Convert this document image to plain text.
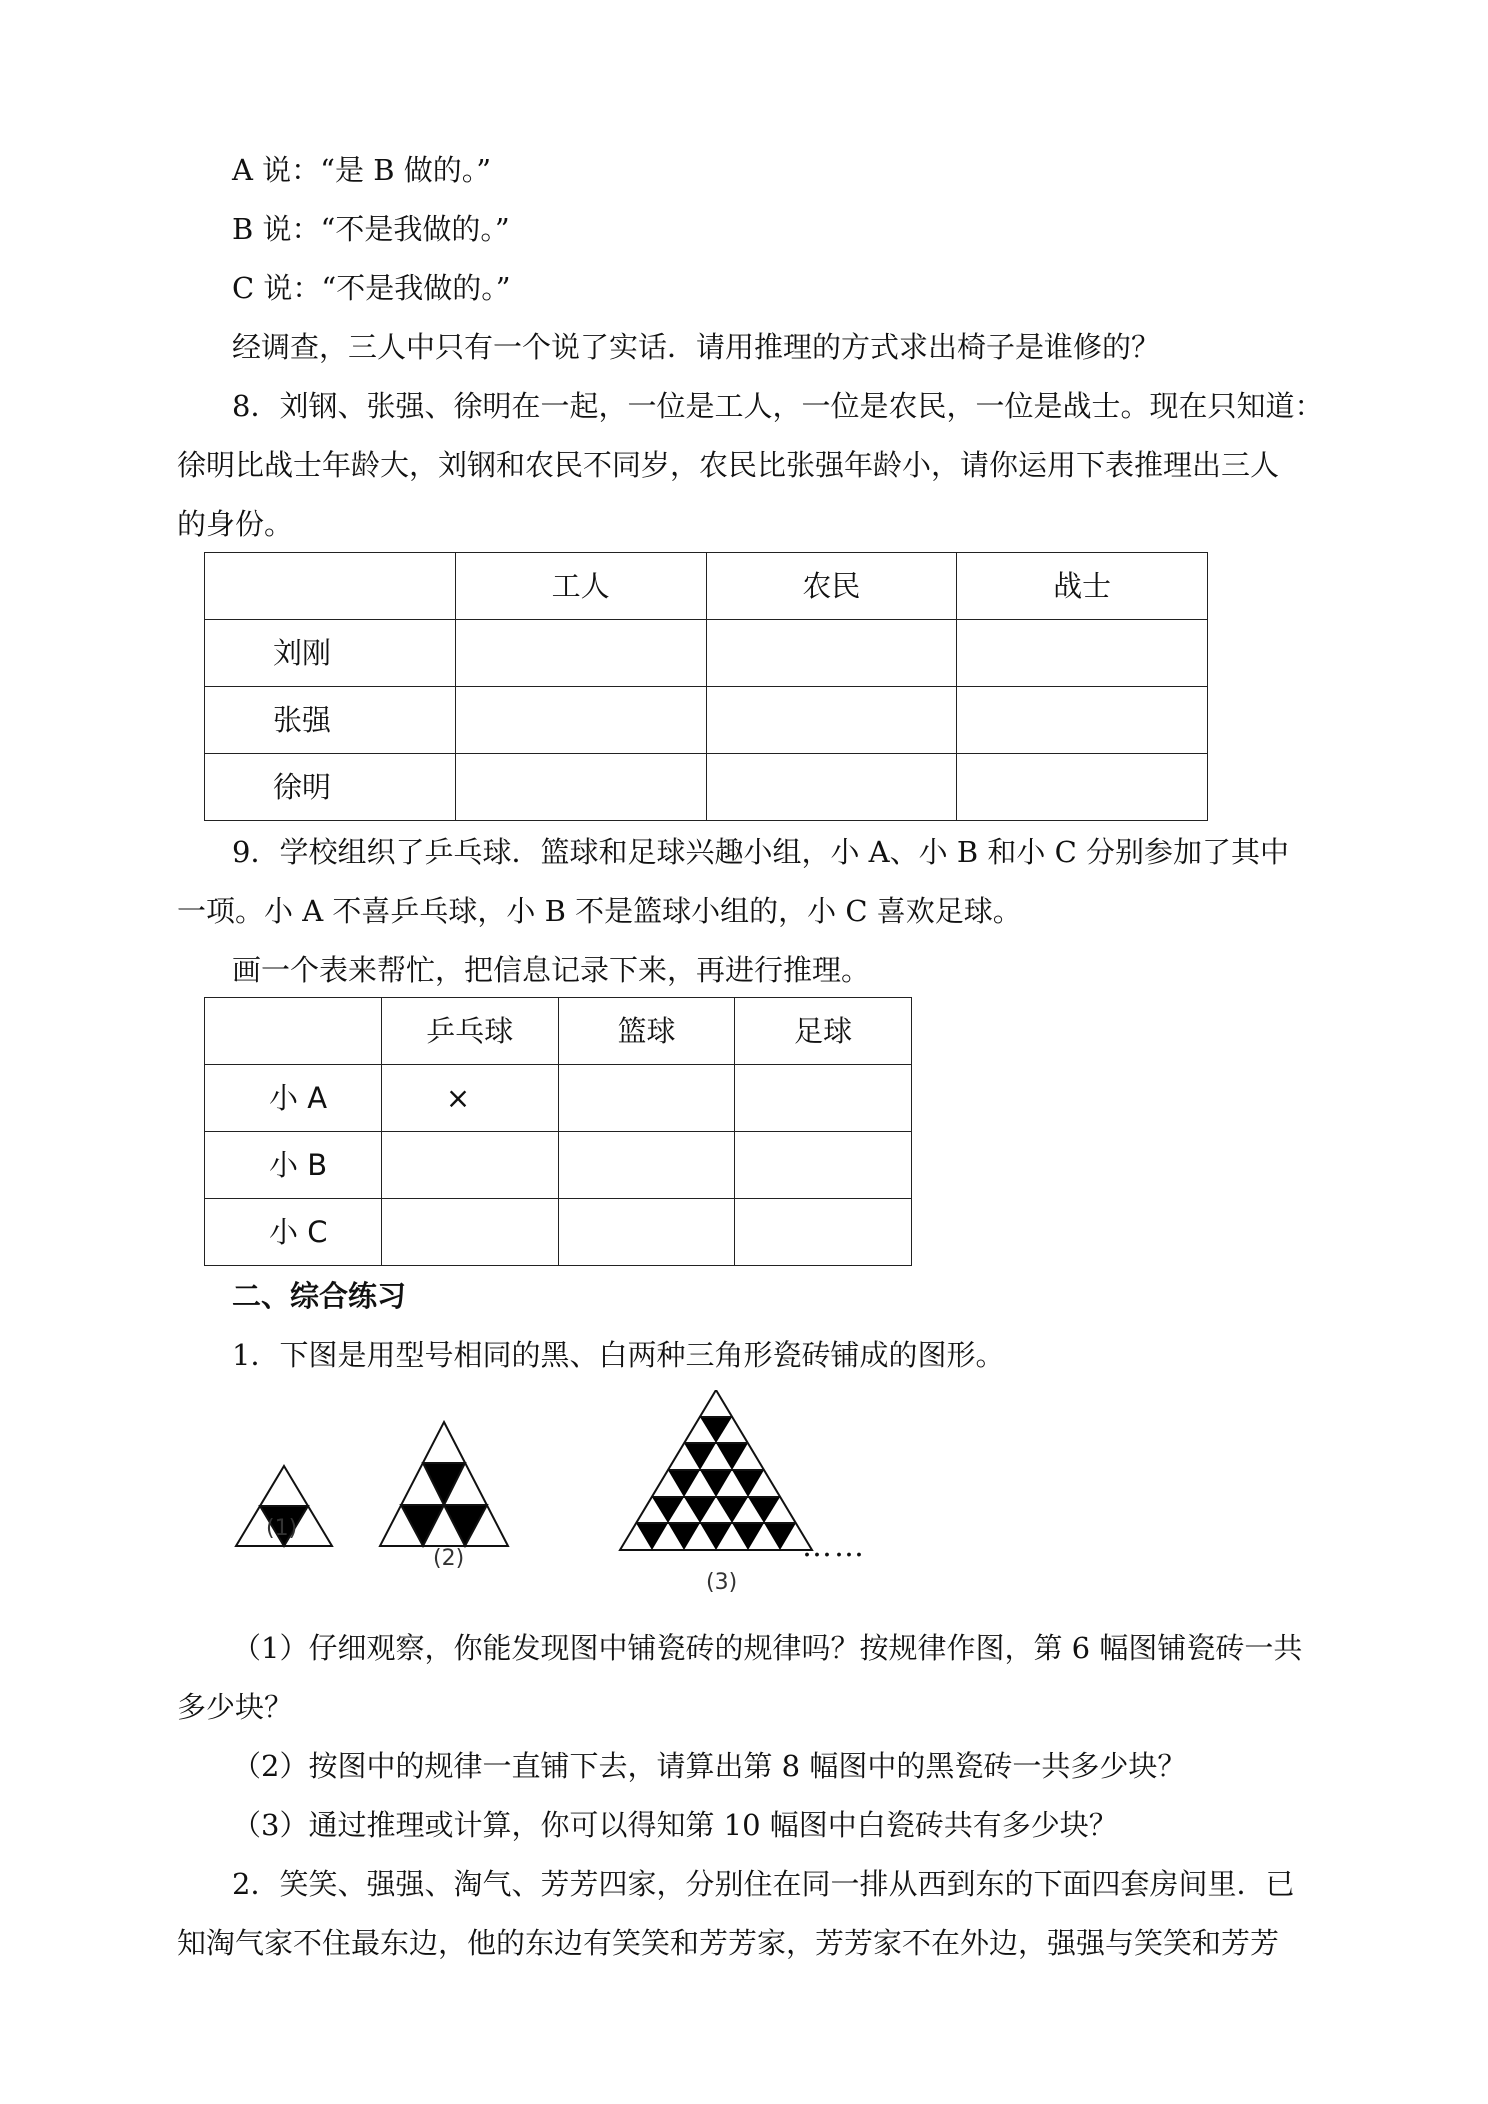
A 说：“是 B 做的。”
B 说：“不是我做的。”
C 说：“不是我做的。”
经调查，三人中只有一个说了实话．请用推理的方式求出椅子是谁修的？
8．刘钢、张强、徐明在一起，一位是工人，一位是农民，一位是战士。现在只知道：
徐明比战士年龄大，刘钢和农民不同岁，农民比张强年龄小，请你运用下表推理出三人
的身份。
	工人	农民	战士
刘刚			
张强			
徐明			
9．学校组织了乒乓球．篮球和足球兴趣小组，小 A、小 B 和小 C 分别参加了其中
一项。小 A 不喜乒乓球，小 B 不是篮球小组的，小 C 喜欢足球。
画一个表来帮忙，把信息记录下来，再进行推理。
	乒乓球	篮球	足球
小 A	×		
小 B			
小 C			
二、综合练习
1．下图是用型号相同的黑、白两种三角形瓷砖铺成的图形。
(1)
(2)
(3)
……
（1）仔细观察，你能发现图中铺瓷砖的规律吗？按规律作图，第 6 幅图铺瓷砖一共
多少块？
（2）按图中的规律一直铺下去，请算出第 8 幅图中的黑瓷砖一共多少块？
（3）通过推理或计算，你可以得知第 10 幅图中白瓷砖共有多少块？
2．笑笑、强强、淘气、芳芳四家，分别住在同一排从西到东的下面四套房间里．已
知淘气家不住最东边，他的东边有笑笑和芳芳家，芳芳家不在外边，强强与笑笑和芳芳
